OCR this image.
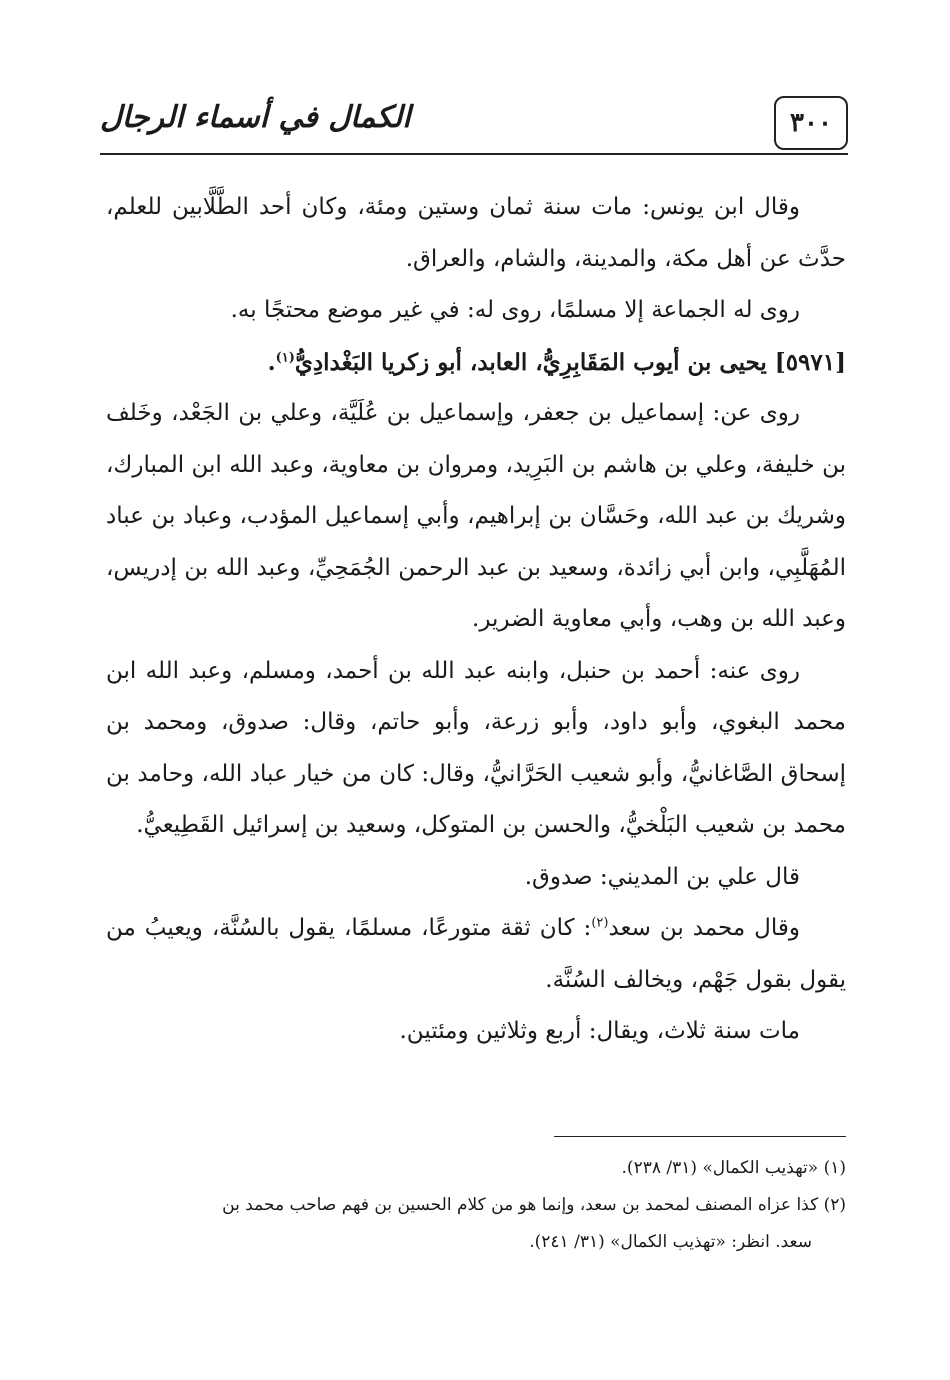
٣٠٠
الكمال في أسماء الرجال

وقال ابن يونس: مات سنة ثمان وستين ومئة، وكان أحد الطَّلَّابين للعلم، حدَّث عن أهل مكة، والمدينة، والشام، والعراق.

روى له الجماعة إلا مسلمًا، روى له: في غير موضع محتجًا به.

[٥٩٧١] يحيى بن أيوب المَقَابِرِيُّ، العابد، أبو زكريا البَغْدادِيُّ$^{(١)}$.

روى عن: إسماعيل بن جعفر، وإسماعيل بن عُلَيَّة، وعلي بن الجَعْد، وخَلف بن خليفة، وعلي بن هاشم بن البَرِيد، ومروان بن معاوية، وعبد الله ابن المبارك، وشريك بن عبد الله، وحَسَّان بن إبراهيم، وأبي إسماعيل المؤدب، وعباد بن عباد المُهَلَّبِي، وابن أبي زائدة، وسعيد بن عبد الرحمن الجُمَحِيِّ، وعبد الله بن إدريس، وعبد الله بن وهب، وأبي معاوية الضرير.

روى عنه: أحمد بن حنبل، وابنه عبد الله بن أحمد، ومسلم، وعبد الله ابن محمد البغوي، وأبو داود، وأبو زرعة، وأبو حاتم، وقال: صدوق، ومحمد بن إسحاق الصَّاغانيُّ، وأبو شعيب الحَرَّانيُّ، وقال: كان من خيار عباد الله، وحامد بن محمد بن شعيب البَلْخيُّ، والحسن بن المتوكل، وسعيد بن إسرائيل القَطِيعيُّ.

قال علي بن المديني: صدوق.

وقال محمد بن سعد$^{(٢)}$: كان ثقة متورعًا، مسلمًا، يقول بالسُنَّة، ويعيبُ من يقول بقول جَهْم، ويخالف السُنَّة.

مات سنة ثلاث، ويقال: أربع وثلاثين ومئتين.

(١) «تهذيب الكمال» (٣١/ ٢٣٨).

(٢) كذا عزاه المصنف لمحمد بن سعد، وإنما هو من كلام الحسين بن فهم صاحب محمد بن

سعد. انظر: «تهذيب الكمال» (٣١/ ٢٤١).
